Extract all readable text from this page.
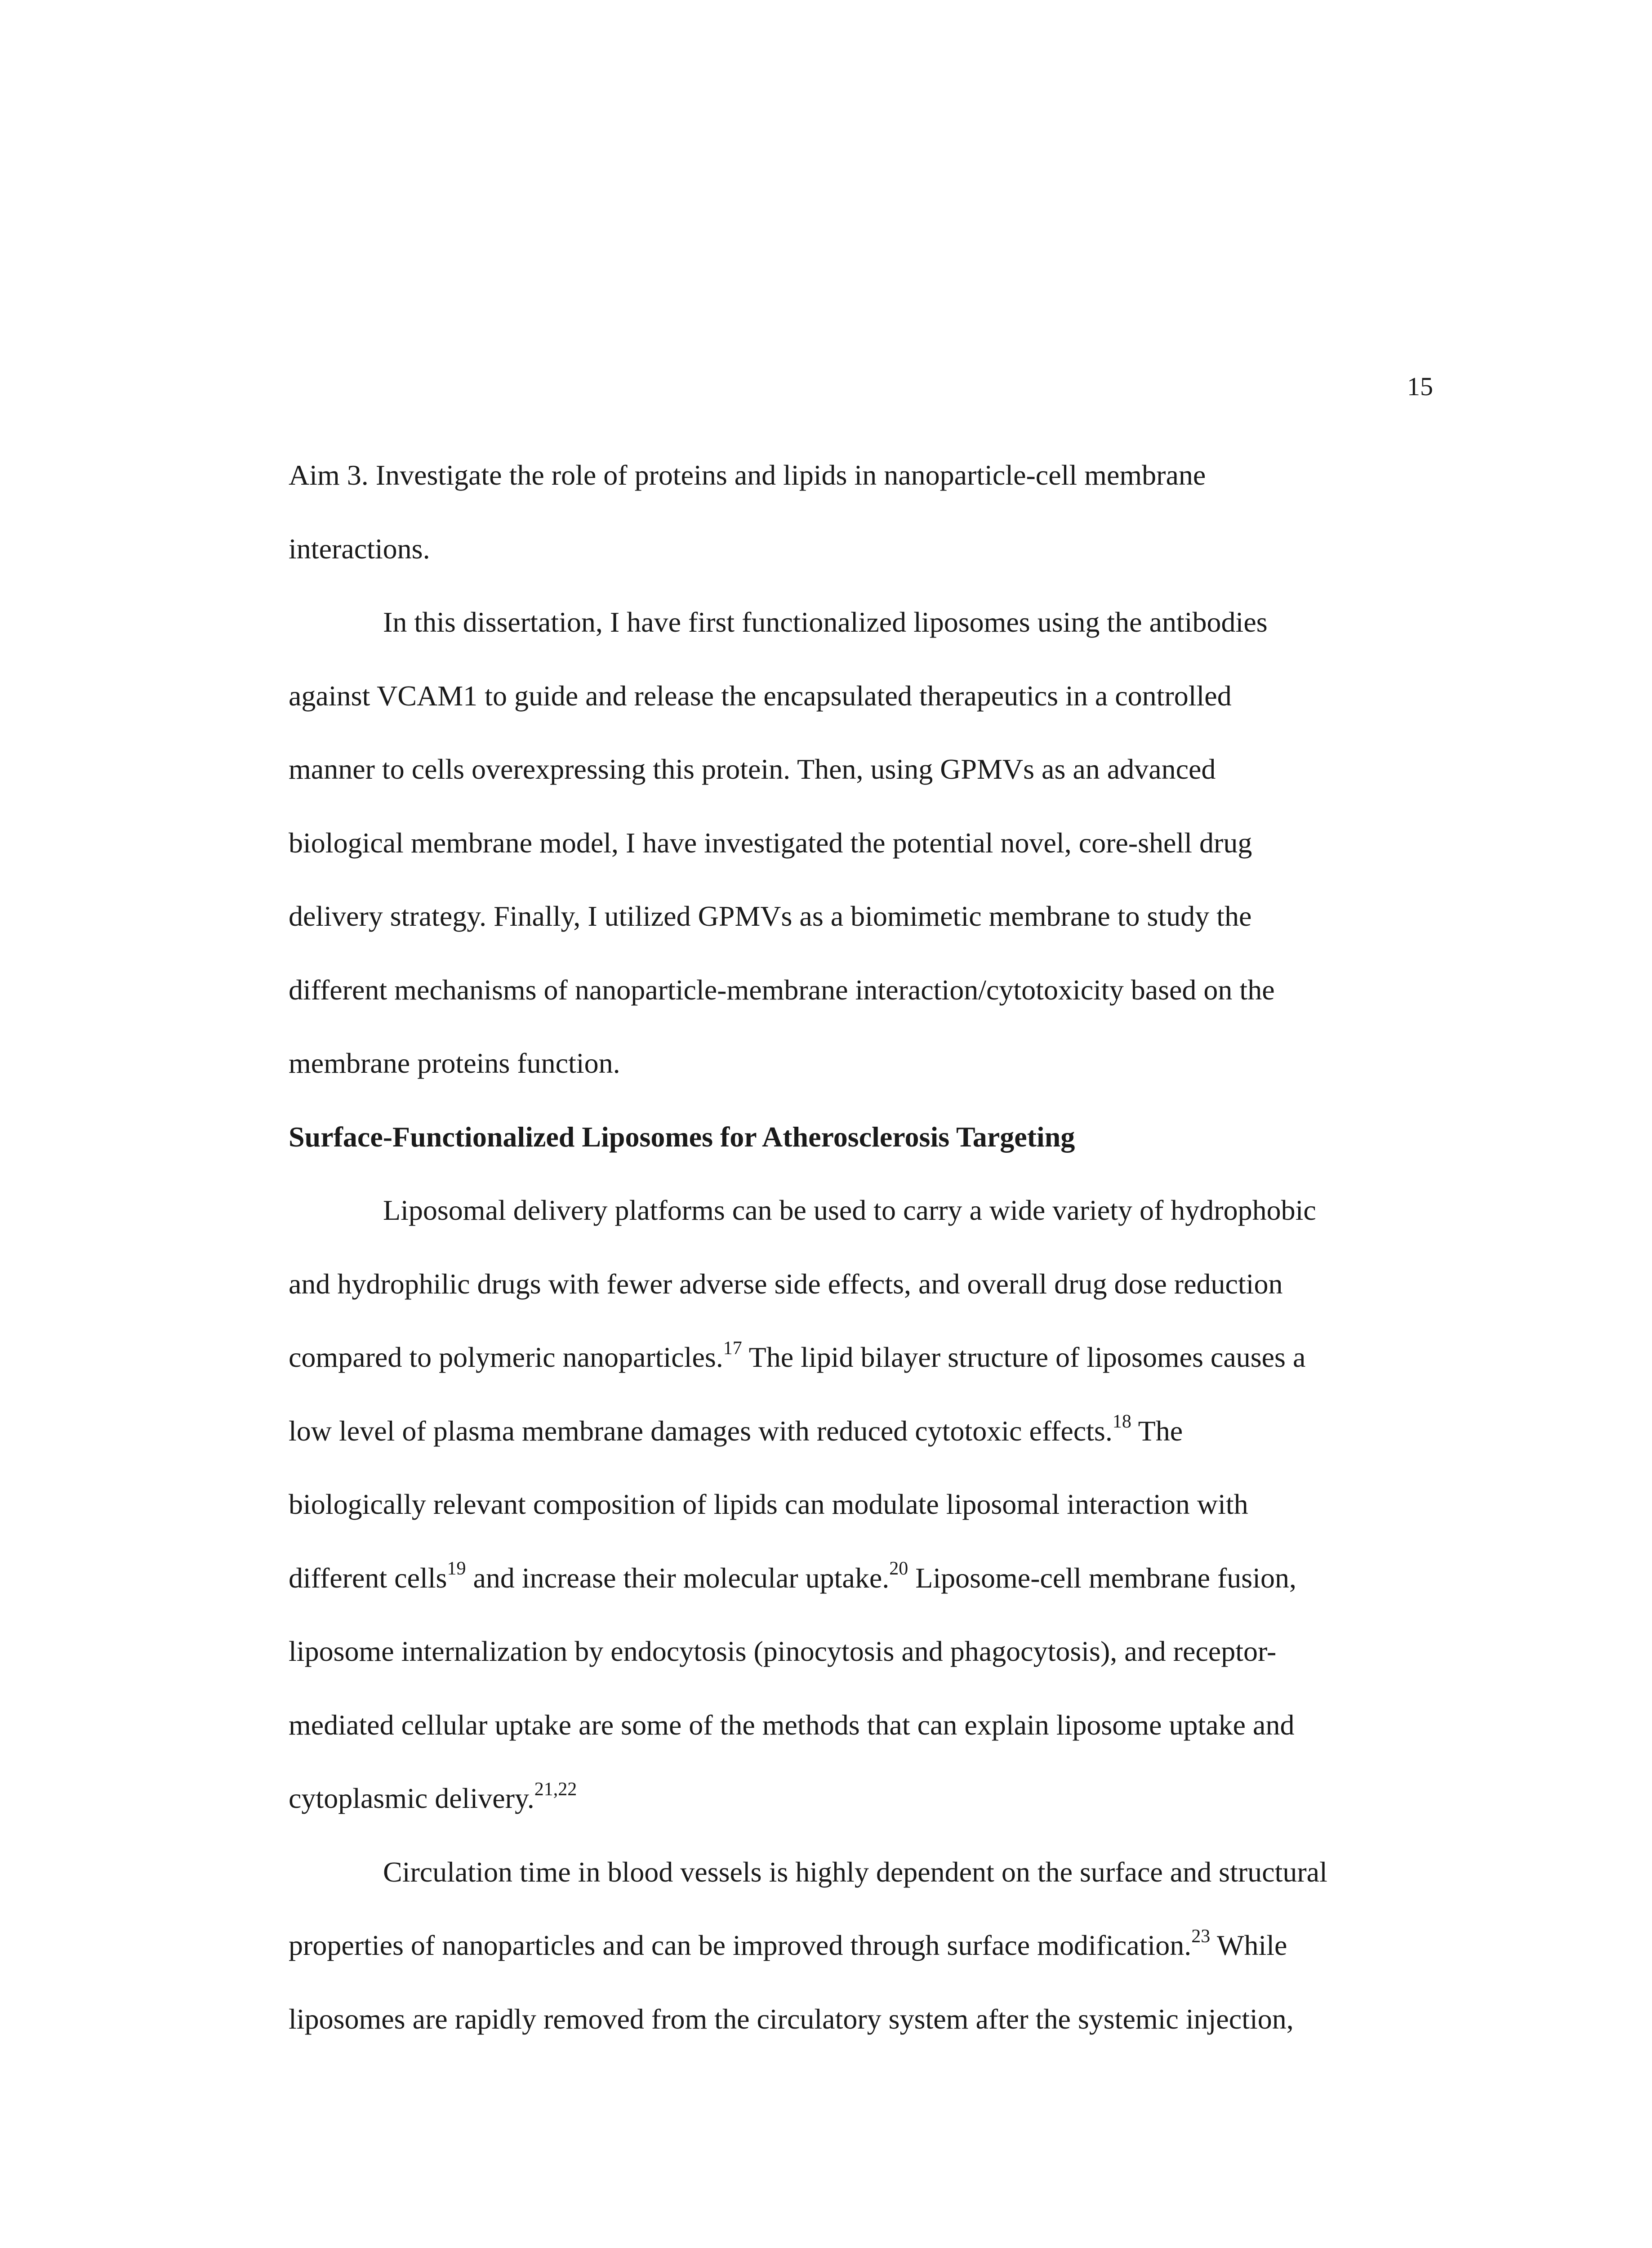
15
Aim 3. Investigate the role of proteins and lipids in nanoparticle-cell membrane
interactions.
In this dissertation, I have first functionalized liposomes using the antibodies
against VCAM1 to guide and release the encapsulated therapeutics in a controlled
manner to cells overexpressing this protein. Then, using GPMVs as an advanced
biological membrane model, I have investigated the potential novel, core-shell drug
delivery strategy. Finally, I utilized GPMVs as a biomimetic membrane to study the
different mechanisms of nanoparticle-membrane interaction/cytotoxicity based on the
membrane proteins function.
Surface-Functionalized Liposomes for Atherosclerosis Targeting
Liposomal delivery platforms can be used to carry a wide variety of hydrophobic
and hydrophilic drugs with fewer adverse side effects, and overall drug dose reduction
compared to polymeric nanoparticles.$^{17}$ The lipid bilayer structure of liposomes causes a
low level of plasma membrane damages with reduced cytotoxic effects.$^{18}$ The
biologically relevant composition of lipids can modulate liposomal interaction with
different cells$^{19}$ and increase their molecular uptake.$^{20}$ Liposome-cell membrane fusion,
liposome internalization by endocytosis (pinocytosis and phagocytosis), and receptor-
mediated cellular uptake are some of the methods that can explain liposome uptake and
cytoplasmic delivery.$^{21,22}$
Circulation time in blood vessels is highly dependent on the surface and structural
properties of nanoparticles and can be improved through surface modification.$^{23}$ While
liposomes are rapidly removed from the circulatory system after the systemic injection,
